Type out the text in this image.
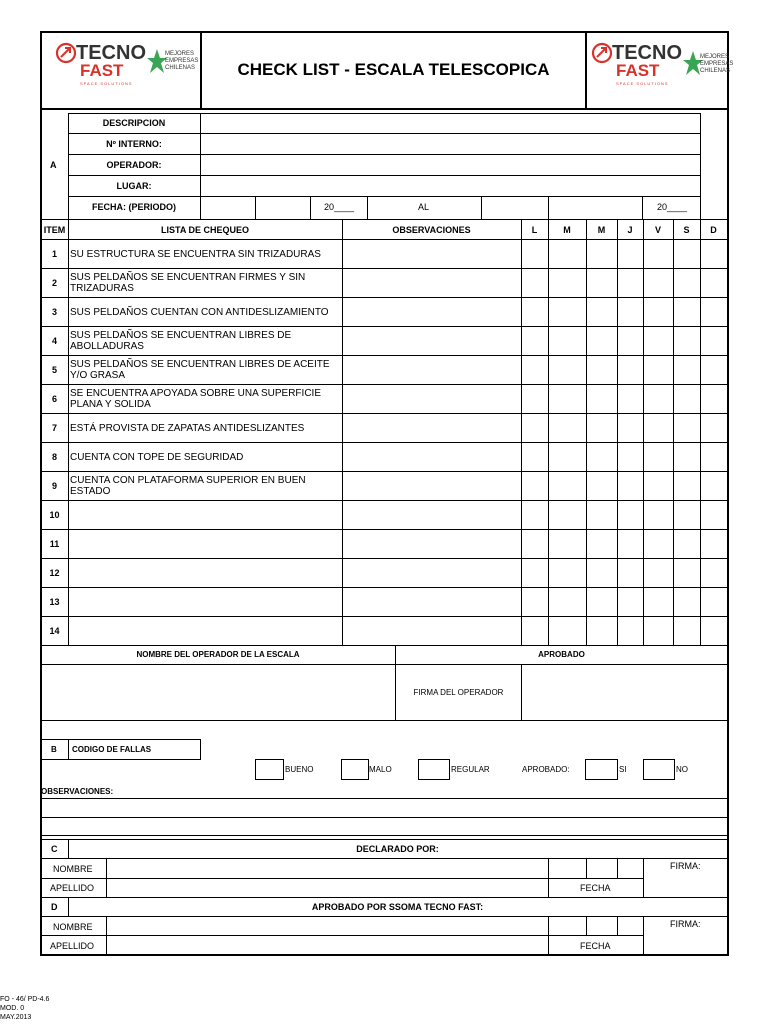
TECNO
FAST
SPACE SOLUTIONS
MEJORES
EMPRESAS
CHILENAS	CHECK LIST - ESCALA TELESCOPICA
TECNO
FAST
SPACE SOLUTIONS
MEJORES
EMPRESAS
CHILENAS
A
DESCRIPCION
Nº INTERNO:
OPERADOR:
LUGAR:
FECHA: (PERIODO)	20____	AL	20____
ITEM	LISTA DE CHEQUEO	OBSERVACIONES	L	M	M	J	V	S	D
1	SU ESTRUCTURA SE ENCUENTRA SIN TRIZADURAS
2	SUS PELDAÑOS SE ENCUENTRAN FIRMES Y SIN TRIZADURAS
3	SUS PELDAÑOS CUENTAN CON ANTIDESLIZAMIENTO
4	SUS PELDAÑOS SE ENCUENTRAN LIBRES DE ABOLLADURAS
5	SUS PELDAÑOS SE ENCUENTRAN LIBRES DE ACEITE Y/O GRASA
6	SE ENCUENTRA APOYADA SOBRE UNA SUPERFICIE PLANA Y SOLIDA
7	ESTÁ PROVISTA DE ZAPATAS ANTIDESLIZANTES
8	CUENTA CON TOPE DE SEGURIDAD
9	CUENTA CON PLATAFORMA SUPERIOR EN BUEN ESTADO
10
11
12
13
14
NOMBRE DEL OPERADOR DE LA ESCALA	APROBADO
FIRMA DEL OPERADOR
B CODIGO DE FALLAS
BUENO	MALO	REGULAR	APROBADO:	SI	NO
OBSERVACIONES:
C	DECLARADO POR:
NOMBRE
APELLIDO	FECHA
FIRMA:
D	APROBADO POR SSOMA TECNO FAST:
NOMBRE
APELLIDO	FECHA
FIRMA:
FO - 46/ PD-4.6
MOD. 0
MAY.2013
